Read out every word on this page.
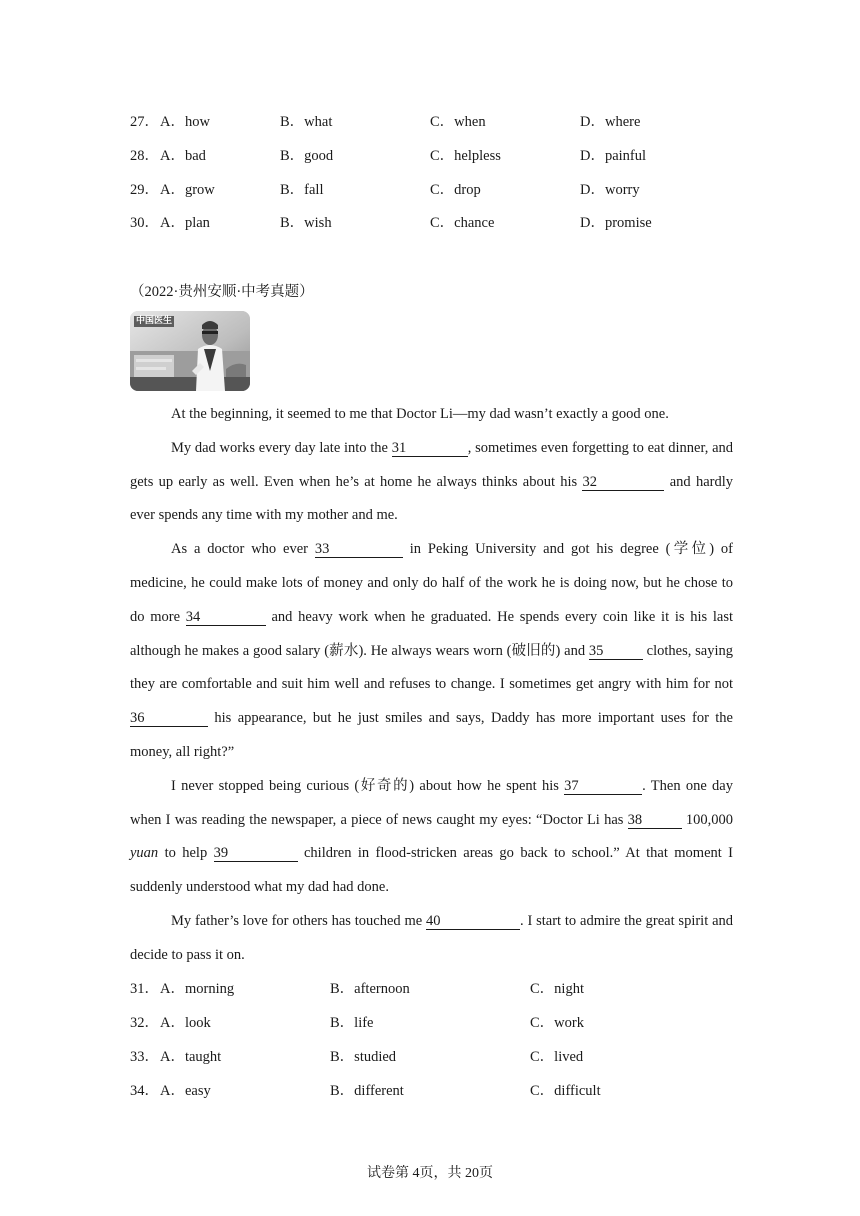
27． A．how	B．what	C．when	D．where
28． A．bad	B．good	C．helpless	D．painful
29． A．grow	B．fall	C．drop	D．worry
30． A．plan	B．wish	C．chance	D．promise
（2022·贵州安顺·中考真题）
中国医生

At the beginning, it seemed to me that Doctor Li—my dad wasn’t exactly a good one.

My dad works every day late into the 31	, sometimes even forgetting to eat dinner, and gets up early as well. Even when he’s at home he always thinks about his 32	and hardly ever spends any time with my mother and me.

As a doctor who ever 33	in Peking University and got his degree (学位) of medicine, he could make lots of money and only do half of the work he is doing now, but he chose to do more 34	and heavy work when he graduated. He spends every coin like it is his last although he makes a good salary (薪水). He always wears worn (破旧的) and 35	clothes, saying they are comfortable and suit him well and refuses to change. I sometimes get angry with him for not 36	his appearance, but he just smiles and says, Daddy has more important uses for the money, all right?”

I never stopped being curious (好奇的) about how he spent his 37	. Then one day when I was reading the newspaper, a piece of news caught my eyes: “Doctor Li has 38	100,000 yuan to help 39	children in flood-stricken areas go back to school.” At that moment I suddenly understood what my dad had done.

My father’s love for others has touched me 40	. I start to admire the great spirit and decide to pass it on.

31． A．morning	B．afternoon	C．night
32． A．look	B．life	C．work
33． A．taught	B．studied	C．lived
34． A．easy	B．different	C．difficult
试卷第 4页，共 20页
